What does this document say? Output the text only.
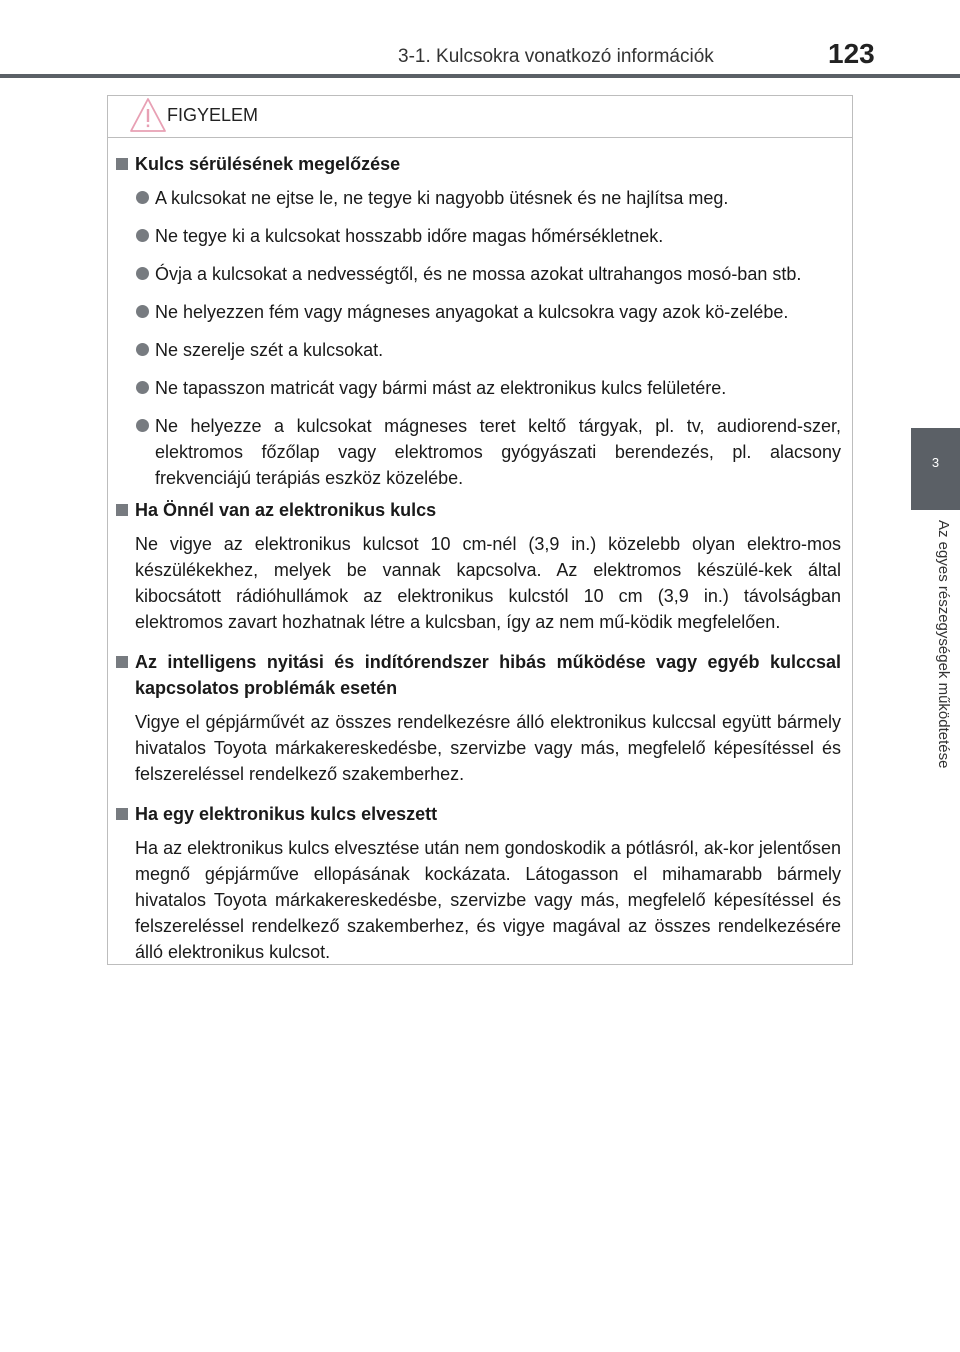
3-1. Kulcsokra vonatkozó információk	123
3
Az egyes részegységek működtetése
FIGYELEM
Kulcs sérülésének megelőzése
A kulcsokat ne ejtse le, ne tegye ki nagyobb ütésnek és ne hajlítsa meg.
Ne tegye ki a kulcsokat hosszabb időre magas hőmérsékletnek.
Óvja a kulcsokat a nedvességtől, és ne mossa azokat ultrahangos mosó-ban stb.
Ne helyezzen fém vagy mágneses anyagokat a kulcsokra vagy azok kö-zelébe.
Ne szerelje szét a kulcsokat.
Ne tapasszon matricát vagy bármi mást az elektronikus kulcs felületére.
Ne helyezze a kulcsokat mágneses teret keltő tárgyak, pl. tv, audiorend-szer, elektromos főzőlap vagy elektromos gyógyászati berendezés, pl. alacsony frekvenciájú terápiás eszköz közelébe.
Ha Önnél van az elektronikus kulcs
Ne vigye az elektronikus kulcsot 10 cm-nél (3,9 in.) közelebb olyan elektro-mos készülékekhez, melyek be vannak kapcsolva. Az elektromos készülé-kek által kibocsátott rádióhullámok az elektronikus kulcstól 10 cm (3,9 in.) távolságban elektromos zavart hozhatnak létre a kulcsban, így az nem mű-ködik megfelelően.
Az intelligens nyitási és indítórendszer hibás működése vagy egyéb kulccsal kapcsolatos problémák esetén
Vigye el gépjárművét az összes rendelkezésre álló elektronikus kulccsal együtt bármely hivatalos Toyota márkakereskedésbe, szervizbe vagy más, megfelelő képesítéssel és felszereléssel rendelkező szakemberhez.
Ha egy elektronikus kulcs elveszett
Ha az elektronikus kulcs elvesztése után nem gondoskodik a pótlásról, ak-kor jelentősen megnő gépjárműve ellopásának kockázata. Látogasson el mihamarabb bármely hivatalos Toyota márkakereskedésbe, szervizbe vagy más, megfelelő képesítéssel és felszereléssel rendelkező szakemberhez, és vigye magával az összes rendelkezésére álló elektronikus kulcsot.
